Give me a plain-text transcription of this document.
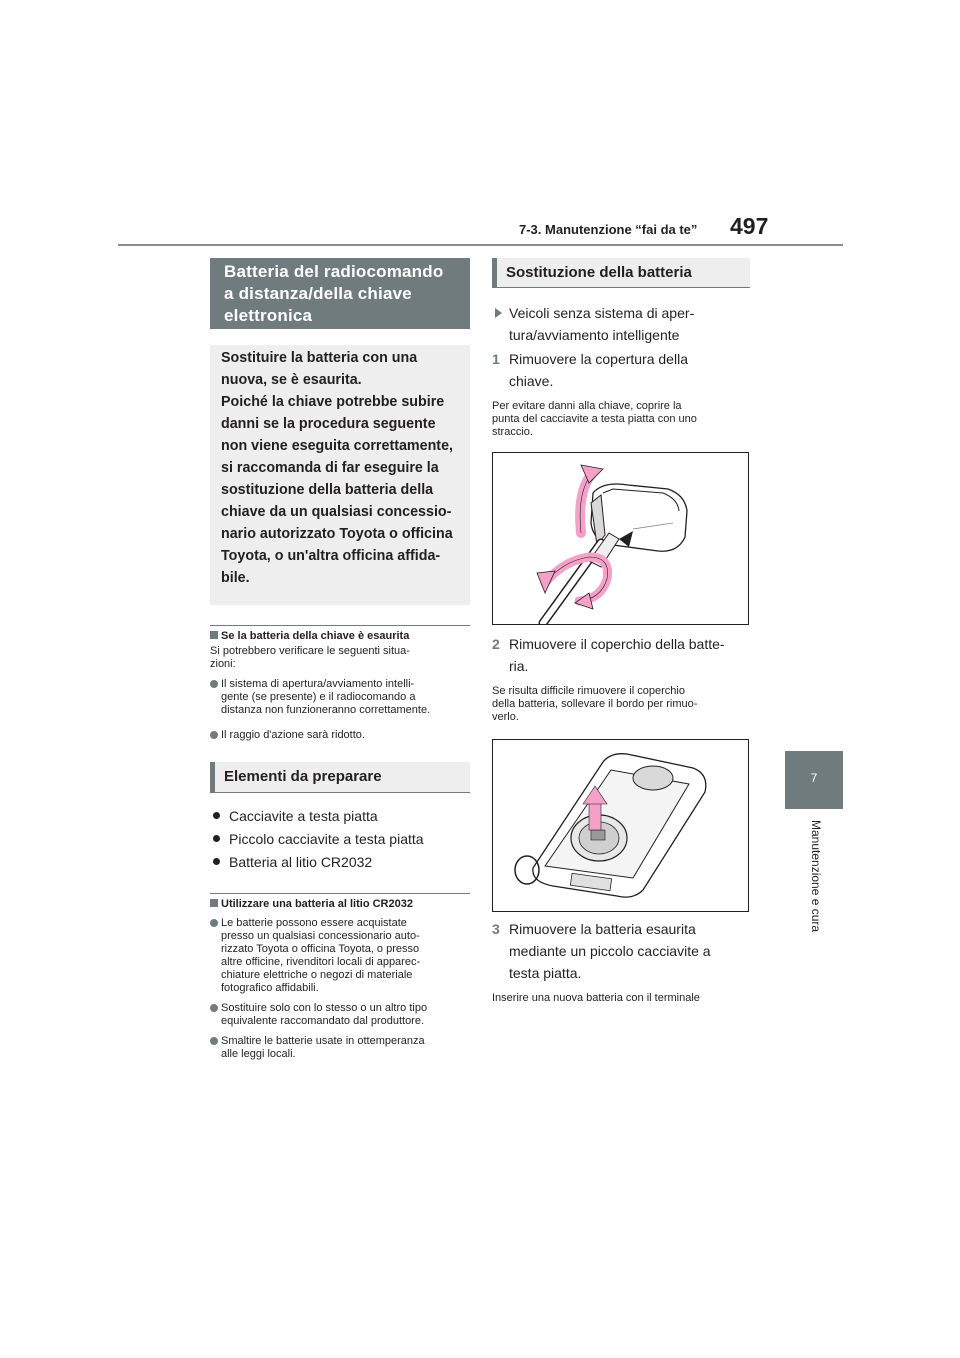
7-3. Manutenzione “fai da te” 497
7
Manutenzione e cura
Batteria del radiocomando
a distanza/della chiave
elettronica
Sostituire la batteria con una
nuova, se è esaurita.
Poiché la chiave potrebbe subire
danni se la procedura seguente
non viene eseguita correttamente,
si raccomanda di far eseguire la
sostituzione della batteria della
chiave da un qualsiasi concessio-
nario autorizzato Toyota o officina
Toyota, o un'altra officina affida-
bile.
Se la batteria della chiave è esaurita
Si potrebbero verificare le seguenti situa-
zioni:
Il sistema di apertura/avviamento intelli-
gente (se presente) e il radiocomando a
distanza non funzioneranno correttamente.
Il raggio d'azione sarà ridotto.
Elementi da preparare
Cacciavite a testa piatta
Piccolo cacciavite a testa piatta
Batteria al litio CR2032
Utilizzare una batteria al litio CR2032
Le batterie possono essere acquistate
presso un qualsiasi concessionario auto-
rizzato Toyota o officina Toyota, o presso
altre officine, rivenditori locali di apparec-
chiature elettriche o negozi di materiale
fotografico affidabili.
Sostituire solo con lo stesso o un altro tipo
equivalente raccomandato dal produttore.
Smaltire le batterie usate in ottemperanza
alle leggi locali.
Sostituzione della batteria
Veicoli senza sistema di aper-
tura/avviamento intelligente
1 Rimuovere la copertura della
chiave.
Per evitare danni alla chiave, coprire la
punta del cacciavite a testa piatta con uno
straccio.
2 Rimuovere il coperchio della batte-
ria.
Se risulta difficile rimuovere il coperchio
della batteria, sollevare il bordo per rimuo-
verlo.
3 Rimuovere la batteria esaurita
mediante un piccolo cacciavite a
testa piatta.
Inserire una nuova batteria con il terminale
